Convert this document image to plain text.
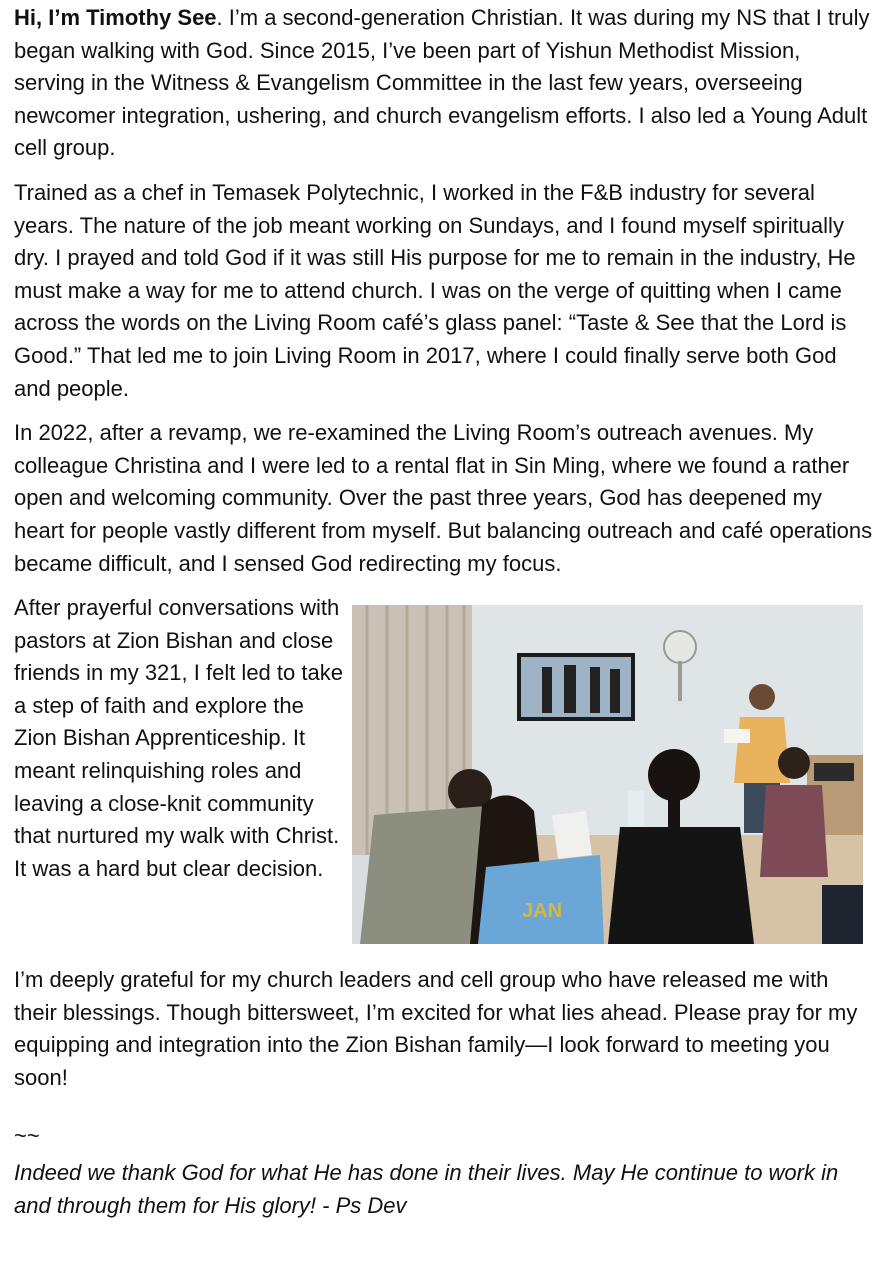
Hi, I’m Timothy See. I’m a second-generation Christian. It was during my NS that I truly began walking with God. Since 2015, I’ve been part of Yishun Methodist Mission, serving in the Witness & Evangelism Committee in the last few years, overseeing newcomer integration, ushering, and church evangelism efforts. I also led a Young Adult cell group.

Trained as a chef in Temasek Polytechnic, I worked in the F&B industry for several years. The nature of the job meant working on Sundays, and I found myself spiritually dry. I prayed and told God if it was still His purpose for me to remain in the industry, He must make a way for me to attend church. I was on the verge of quitting when I came across the words on the Living Room café’s glass panel: “Taste & See that the Lord is Good.” That led me to join Living Room in 2017, where I could finally serve both God and people.

In 2022, after a revamp, we re-examined the Living Room’s outreach avenues. My colleague Christina and I were led to a rental flat in Sin Ming, where we found a rather open and welcoming community. Over the past three years, God has deepened my heart for people vastly different from myself. But balancing outreach and café operations became difficult, and I sensed God redirecting my focus.

After prayerful conversations with pastors at Zion Bishan and close friends in my 321, I felt led to take a step of faith and explore the Zion Bishan Apprenticeship. It meant relinquishing roles and leaving a close-knit community that nurtured my walk with Christ. It was a hard but clear decision.

JAN

I’m deeply grateful for my church leaders and cell group who have released me with their blessings. Though bittersweet, I’m excited for what lies ahead. Please pray for my equipping and integration into the Zion Bishan family—I look forward to meeting you soon!

~~

Indeed we thank God for what He has done in their lives. May He continue to work in and through them for His glory! - Ps Dev
